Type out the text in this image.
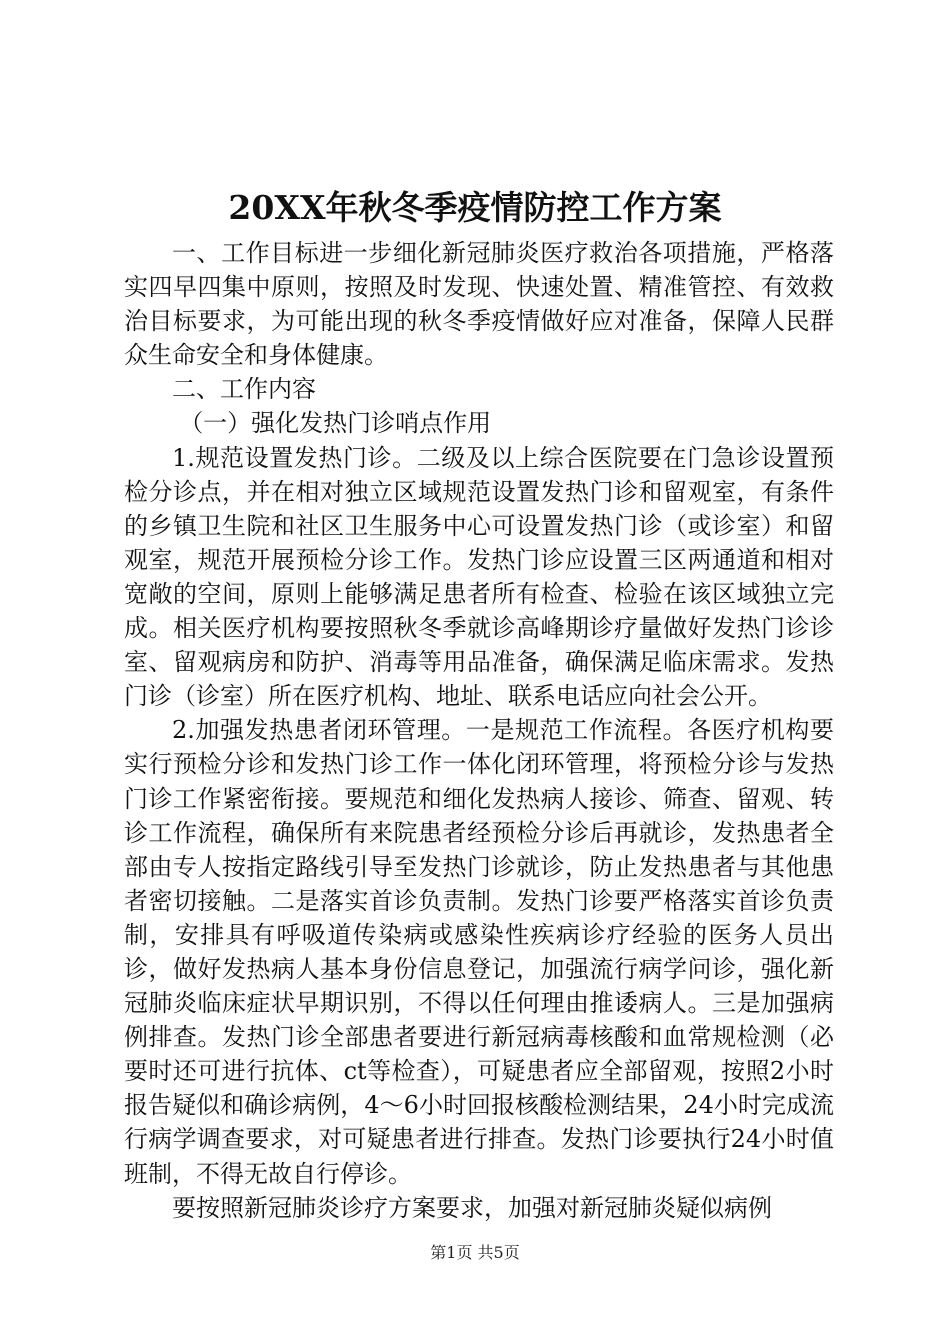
20XX年秋冬季疫情防控工作方案

一、工作目标进一步细化新冠肺炎医疗救治各项措施，严格落实四早四集中原则，按照及时发现、快速处置、精准管控、有效救治目标要求，为可能出现的秋冬季疫情做好应对准备，保障人民群众生命安全和身体健康。

二、工作内容

（一）强化发热门诊哨点作用

1.规范设置发热门诊。二级及以上综合医院要在门急诊设置预检分诊点，并在相对独立区域规范设置发热门诊和留观室，有条件的乡镇卫生院和社区卫生服务中心可设置发热门诊（或诊室）和留观室，规范开展预检分诊工作。发热门诊应设置三区两通道和相对宽敞的空间，原则上能够满足患者所有检查、检验在该区域独立完成。相关医疗机构要按照秋冬季就诊高峰期诊疗量做好发热门诊诊室、留观病房和防护、消毒等用品准备，确保满足临床需求。发热门诊（诊室）所在医疗机构、地址、联系电话应向社会公开。

2.加强发热患者闭环管理。一是规范工作流程。各医疗机构要实行预检分诊和发热门诊工作一体化闭环管理，将预检分诊与发热门诊工作紧密衔接。要规范和细化发热病人接诊、筛查、留观、转诊工作流程，确保所有来院患者经预检分诊后再就诊，发热患者全部由专人按指定路线引导至发热门诊就诊，防止发热患者与其他患者密切接触。二是落实首诊负责制。发热门诊要严格落实首诊负责制，安排具有呼吸道传染病或感染性疾病诊疗经验的医务人员出诊，做好发热病人基本身份信息登记，加强流行病学问诊，强化新冠肺炎临床症状早期识别，不得以任何理由推诿病人。三是加强病例排查。发热门诊全部患者要进行新冠病毒核酸和血常规检测（必要时还可进行抗体、ct等检查），可疑患者应全部留观，按照2小时报告疑似和确诊病例，4～6小时回报核酸检测结果，24小时完成流行病学调查要求，对可疑患者进行排查。发热门诊要执行24小时值班制，不得无故自行停诊。

要按照新冠肺炎诊疗方案要求，加强对新冠肺炎疑似病例

第1页 共5页
